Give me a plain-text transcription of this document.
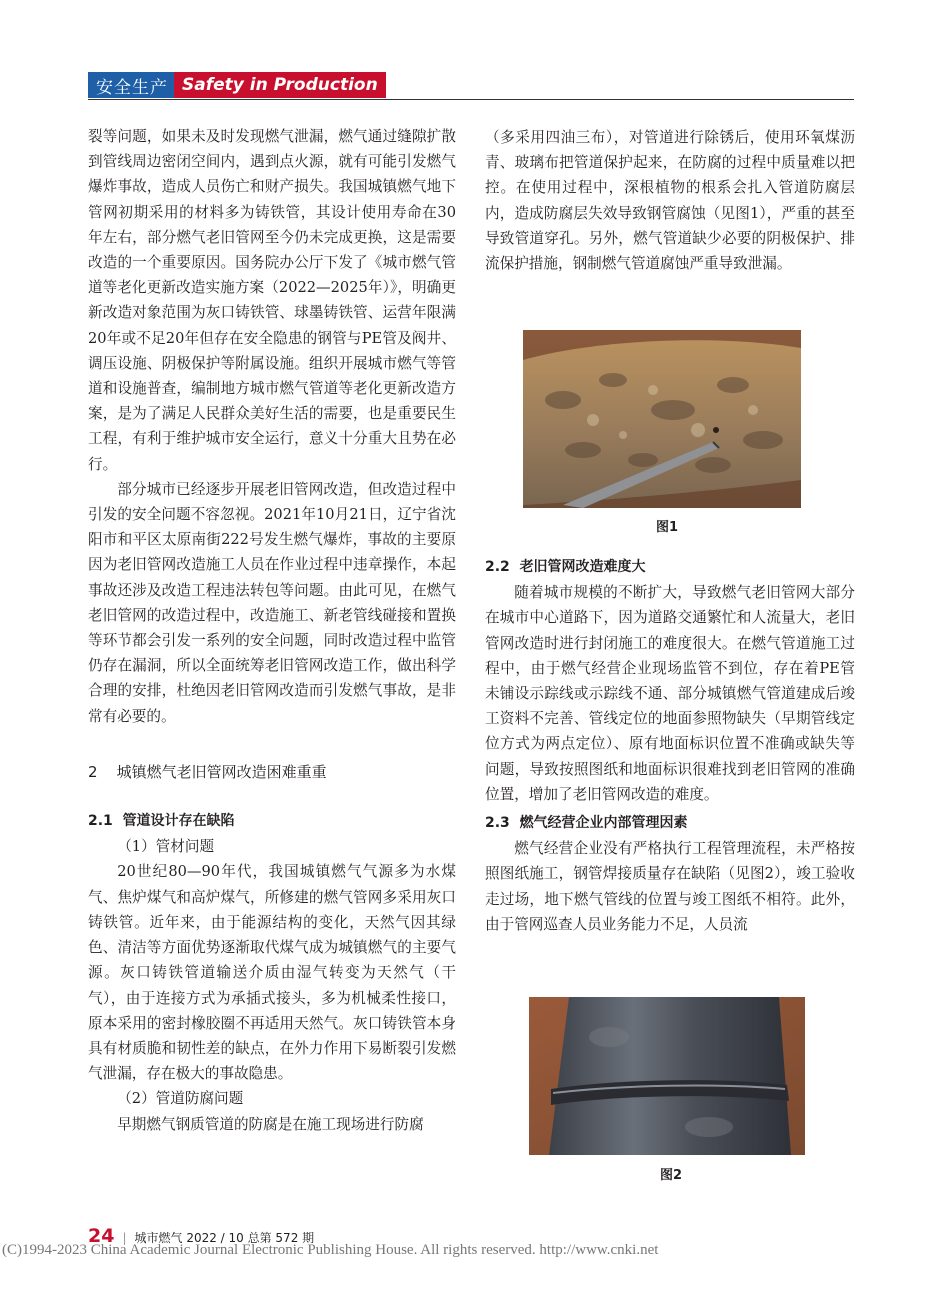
安全生产 Safety in Production

裂等问题，如果未及时发现燃气泄漏，燃气通过缝隙扩散到管线周边密闭空间内，遇到点火源，就有可能引发燃气爆炸事故，造成人员伤亡和财产损失。我国城镇燃气地下管网初期采用的材料多为铸铁管，其设计使用寿命在30年左右，部分燃气老旧管网至今仍未完成更换，这是需要改造的一个重要原因。国务院办公厅下发了《城市燃气管道等老化更新改造实施方案（2022—2025年）》，明确更新改造对象范围为灰口铸铁管、球墨铸铁管、运营年限满20年或不足20年但存在安全隐患的钢管与PE管及阀井、调压设施、阴极保护等附属设施。组织开展城市燃气等管道和设施普查，编制地方城市燃气管道等老化更新改造方案，是为了满足人民群众美好生活的需要，也是重要民生工程，有利于维护城市安全运行，意义十分重大且势在必行。

部分城市已经逐步开展老旧管网改造，但改造过程中引发的安全问题不容忽视。2021年10月21日，辽宁省沈阳市和平区太原南街222号发生燃气爆炸，事故的主要原因为老旧管网改造施工人员在作业过程中违章操作，本起事故还涉及改造工程违法转包等问题。由此可见，在燃气老旧管网的改造过程中，改造施工、新老管线碰接和置换等环节都会引发一系列的安全问题，同时改造过程中监管仍存在漏洞，所以全面统筹老旧管网改造工作，做出科学合理的安排，杜绝因老旧管网改造而引发燃气事故，是非常有必要的。

2 城镇燃气老旧管网改造困难重重
2.1 管道设计存在缺陷

（1）管材问题

20世纪80—90年代，我国城镇燃气气源多为水煤气、焦炉煤气和高炉煤气，所修建的燃气管网多采用灰口铸铁管。近年来，由于能源结构的变化，天然气因其绿色、清洁等方面优势逐渐取代煤气成为城镇燃气的主要气源。灰口铸铁管道输送介质由湿气转变为天然气（干气），由于连接方式为承插式接头，多为机械柔性接口，原本采用的密封橡胶圈不再适用天然气。灰口铸铁管本身具有材质脆和韧性差的缺点，在外力作用下易断裂引发燃气泄漏，存在极大的事故隐患。

（2）管道防腐问题

早期燃气钢质管道的防腐是在施工现场进行防腐

（多采用四油三布），对管道进行除锈后，使用环氧煤沥青、玻璃布把管道保护起来，在防腐的过程中质量难以把控。在使用过程中，深根植物的根系会扎入管道防腐层内，造成防腐层失效导致钢管腐蚀（见图1），严重的甚至导致管道穿孔。另外，燃气管道缺少必要的阴极保护、排流保护措施，钢制燃气管道腐蚀严重导致泄漏。

图1
2.2 老旧管网改造难度大

随着城市规模的不断扩大，导致燃气老旧管网大部分在城市中心道路下，因为道路交通繁忙和人流量大，老旧管网改造时进行封闭施工的难度很大。在燃气管道施工过程中，由于燃气经营企业现场监管不到位，存在着PE管未铺设示踪线或示踪线不通、部分城镇燃气管道建成后竣工资料不完善、管线定位的地面参照物缺失（早期管线定位方式为两点定位）、原有地面标识位置不准确或缺失等问题，导致按照图纸和地面标识很难找到老旧管网的准确位置，增加了老旧管网改造的难度。

2.3 燃气经营企业内部管理因素

燃气经营企业没有严格执行工程管理流程，未严格按照图纸施工，钢管焊接质量存在缺陷（见图2），竣工验收走过场，地下燃气管线的位置与竣工图纸不相符。此外，由于管网巡查人员业务能力不足，人员流

图2
24 | 城市燃气 2022 / 10 总第 572 期
(C)1994-2023 China Academic Journal Electronic Publishing House. All rights reserved. http://www.cnki.net
